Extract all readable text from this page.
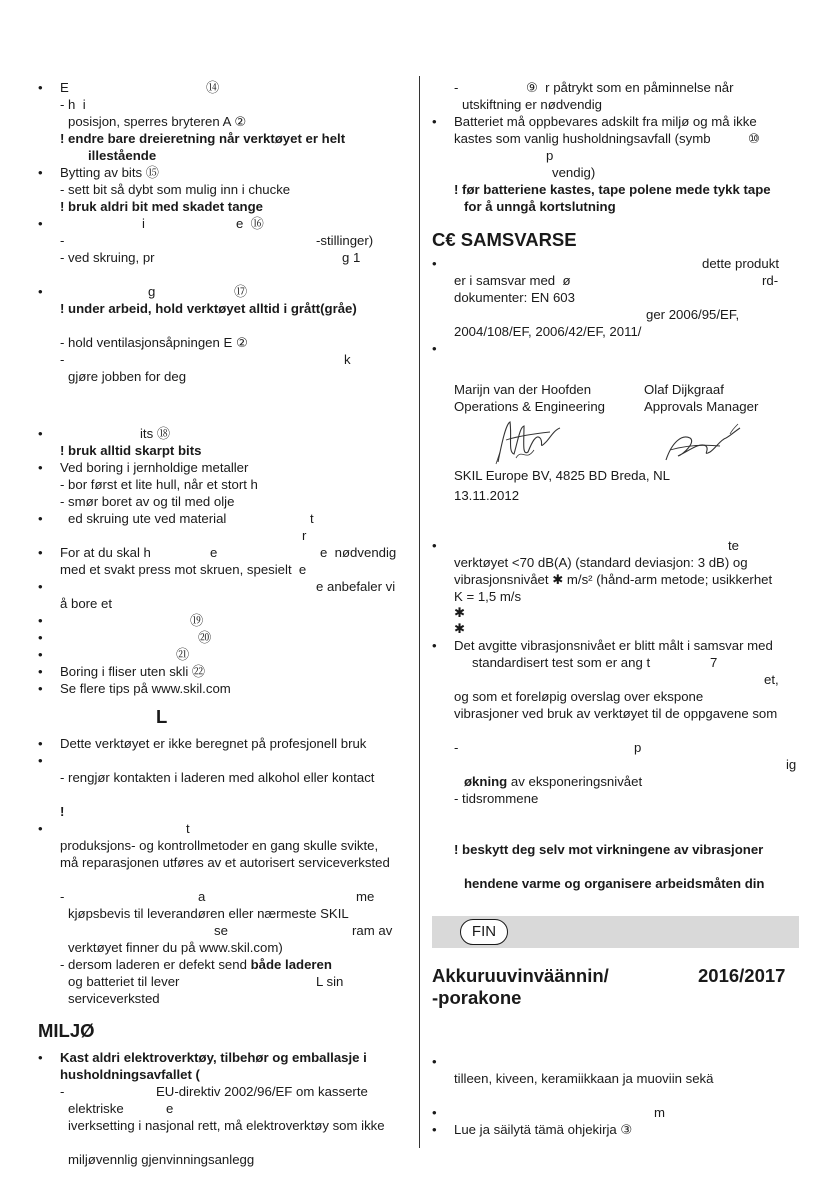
• E	⑭
- h  i
posisjon, sperres bryteren A ②
! endre bare dreieretning når verktøyet er helt
illestående
• Bytting av bits ⑮
- sett bit så dybt som mulig inn i chucke
! bruk aldri bit med skadet tange
•	i	e  ⑯
-	-stillinger)
- ved skruing, pr	g 1
•	g	⑰
! under arbeid, hold verktøyet alltid i grått(gråe)
- hold ventilasjonsåpningen E ②
-	k
gjøre jobben for deg
•	its ⑱
! bruk alltid skarpt bits
• Ved boring i jernholdige metaller
- bor først et lite hull, når et stort h
- smør boret av og til med olje
• ed skruing ute ved material	t
r
• For at du skal h	e	e  nødvendig
med et svakt press mot skruen, spesielt  e
•	e anbefaler vi
å bore et
•	⑲
•	⑳
•	㉑
• Boring i fliser uten skli ㉒
• Se flere tips på www.skil.com
L
• Dette verktøyet er ikke beregnet på profesjonell bruk
•
- rengjør kontakten i laderen med alkohol eller kontact
!
•	t
produksjons- og kontrollmetoder en gang skulle svikte,
må reparasjonen utføres av et autorisert serviceverksted
-	a	me
kjøpsbevis til leverandøren eller nærmeste SKIL
se	ram av
verktøyet finner du på www.skil.com)
- dersom laderen er defekt send både laderen
og batteriet til lever	L sin
serviceverksted
MILJØ
• Kast aldri elektroverktøy, tilbehør og emballasje i
husholdningsavfallet (
-	EU-direktiv 2002/96/EF om kasserte
elektriske	e
iverksetting i nasjonal rett, må elektroverktøy som ikke
miljøvennlig gjenvinningsanlegg
-	⑨  r påtrykt som en påminnelse når
utskiftning er nødvendig
• Batteriet må oppbevares adskilt fra miljø og må ikke
kastes som vanlig husholdningsavfall (symb	⑩
p
vendig)
! før batteriene kastes, tape polene mede tykk tape
for å unngå kortslutning
C€ SAMSVARSE
•	dette produkt
er i samsvar med  ø	rd-
dokumenter: EN 603
ger 2006/95/EF,
2004/108/EF, 2006/42/EF, 2011/
•
Marijn van der Hoofden	Olaf Dijkgraaf
Operations & Engineering	Approvals Manager
SKIL Europe BV, 4825 BD Breda, NL
13.11.2012
•	te
verktøyet <70 dB(A) (standard deviasjon: 3 dB) og
vibrasjonsnivået ✱ m/s² (hånd-arm metode; usikkerhet
K = 1,5 m/s
✱
✱
• Det avgitte vibrasjonsnivået er blitt målt i samsvar med
standardisert test som er ang t	7
et,
og som et foreløpig overslag over ekspone
vibrasjoner ved bruk av verktøyet til de oppgavene som
-	p
ig
økning av eksponeringsnivået
- tidsrommene
! beskytt deg selv mot virkningene av vibrasjoner
hendene varme og organisere arbeidsmåten din
Akkuruuvinväännin/	2016/2017
-porakone
•
tilleen, kiveen, keramiikkaan ja muoviin sekä
•	m
• Lue ja säilytä tämä ohjekirja ③
FIN
